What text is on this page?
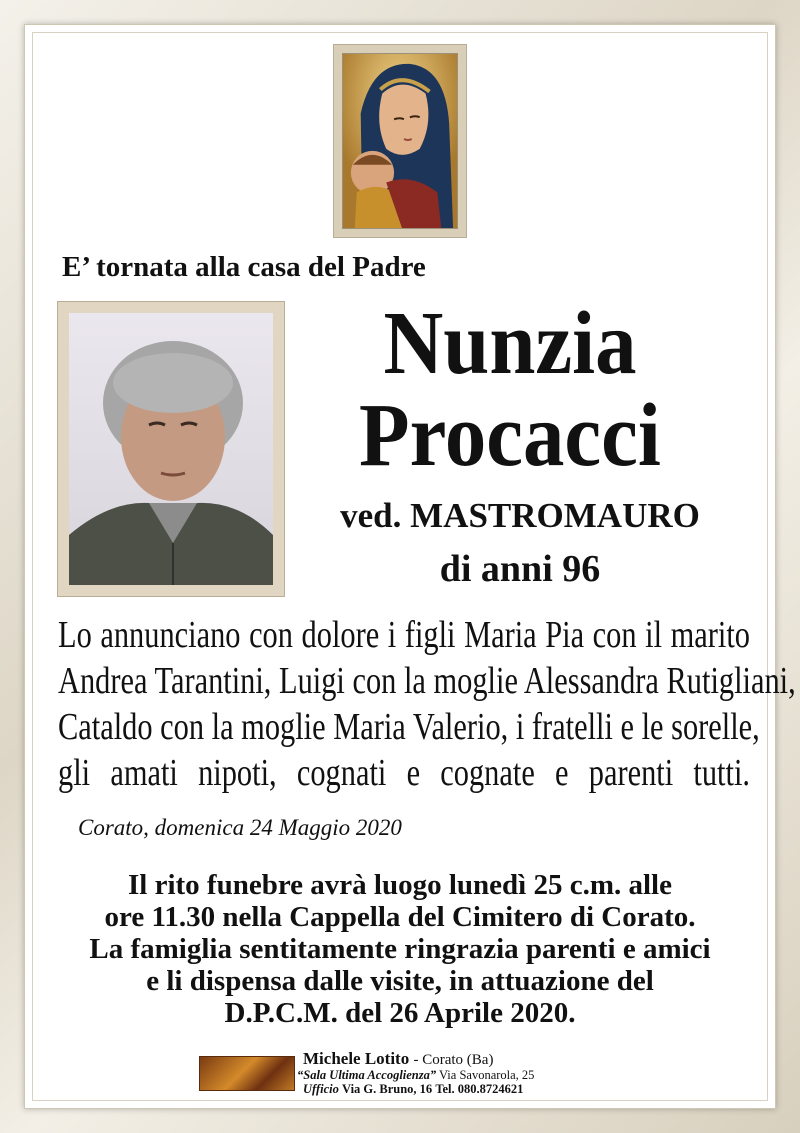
E’ tornata alla casa del Padre
Nunzia
Procacci
ved. MASTROMAURO
di anni 96
Lo annunciano con dolore i figli Maria Pia con il marito
Andrea Tarantini, Luigi con la moglie Alessandra Rutigliani,
Cataldo con la moglie Maria Valerio, i fratelli e le sorelle,
gli amati nipoti, cognati e cognate e parenti tutti.
Corato, domenica 24 Maggio 2020
Il rito funebre avrà luogo lunedì 25 c.m. alle
ore 11.30 nella Cappella del Cimitero di Corato.
La famiglia sentitamente ringrazia parenti e amici
e li dispensa dalle visite, in attuazione del
D.P.C.M. del 26 Aprile 2020.
Michele Lotito - Corato (Ba)
“Sala Ultima Accoglienza” Via Savonarola, 25
Ufficio Via G. Bruno, 16 Tel. 080.8724621
